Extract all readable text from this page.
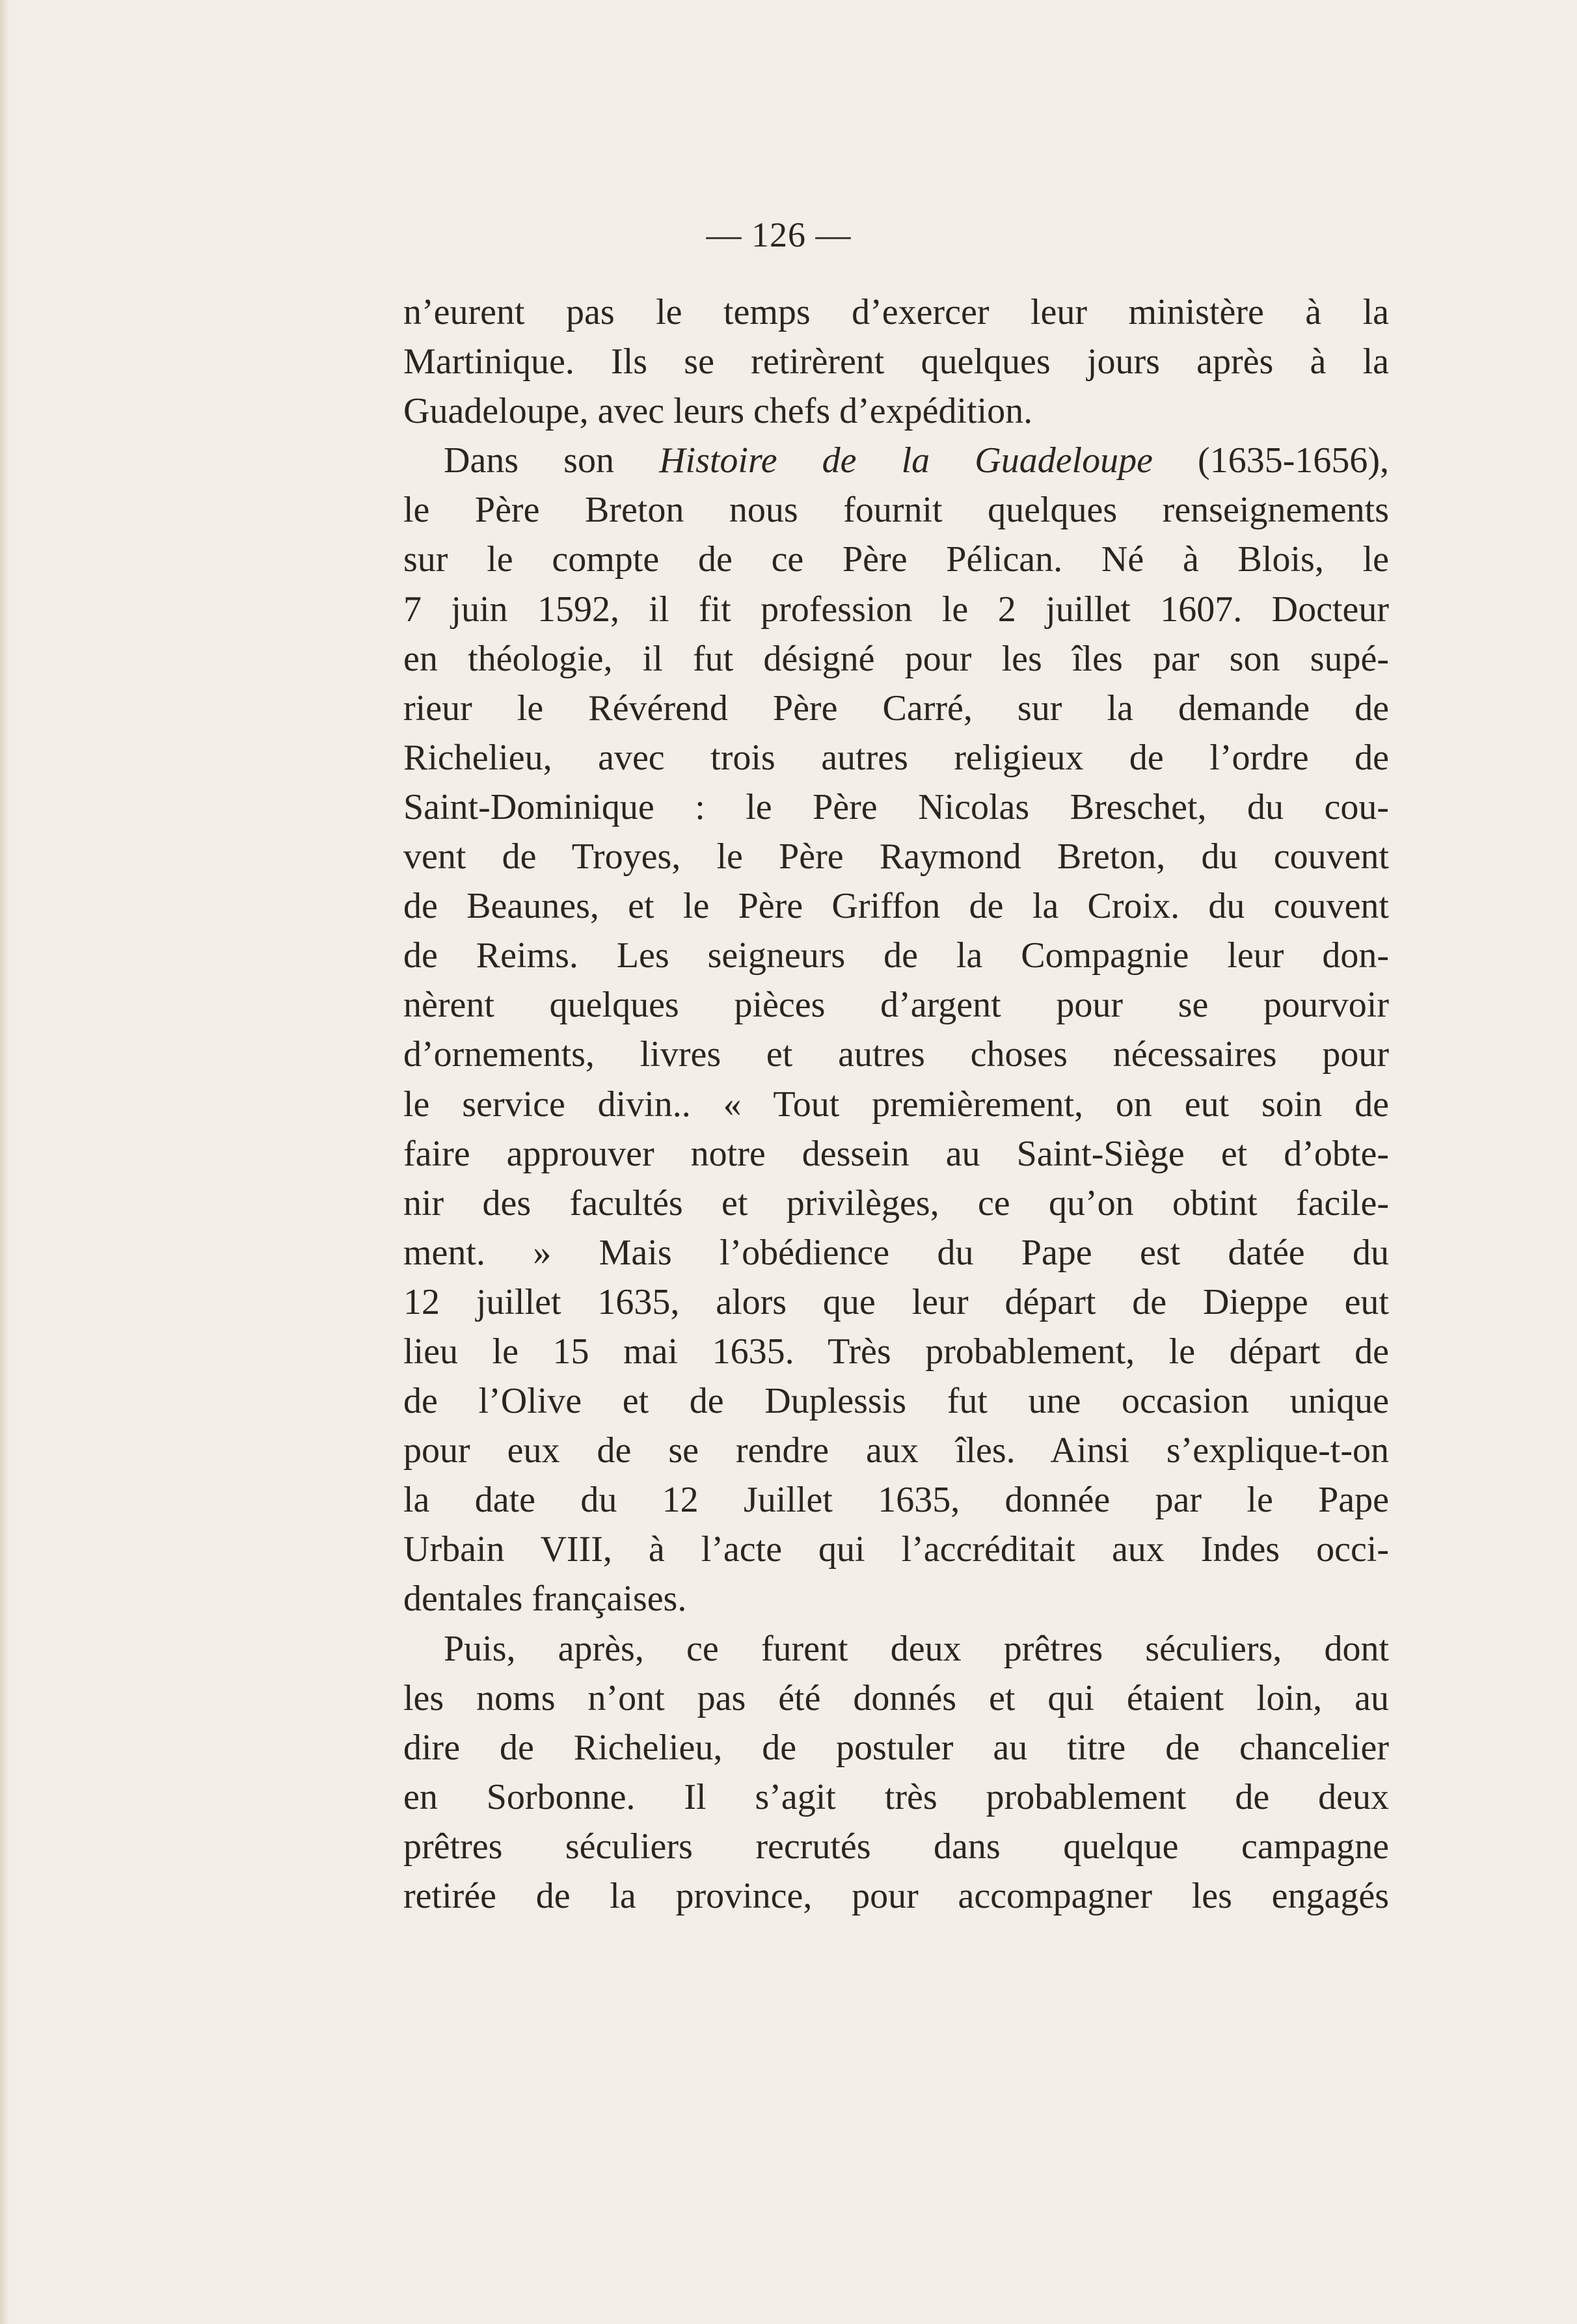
— 126 —
n’eurent pas le temps d’exercer leur ministère à la
Martinique. Ils se retirèrent quelques jours après à la
Guadeloupe, avec leurs chefs d’expédition.
Dans son Histoire de la Guadeloupe (1635-1656),
le Père Breton nous fournit quelques renseignements
sur le compte de ce Père Pélican. Né à Blois, le
7 juin 1592, il fit profession le 2 juillet 1607. Docteur
en théologie, il fut désigné pour les îles par son supé-
rieur le Révérend Père Carré, sur la demande de
Richelieu, avec trois autres religieux de l’ordre de
Saint-Dominique : le Père Nicolas Breschet, du cou-
vent de Troyes, le Père Raymond Breton, du couvent
de Beaunes, et le Père Griffon de la Croix. du couvent
de Reims. Les seigneurs de la Compagnie leur don-
nèrent quelques pièces d’argent pour se pourvoir
d’ornements, livres et autres choses nécessaires pour
le service divin.. « Tout premièrement, on eut soin de
faire approuver notre dessein au Saint-Siège et d’obte-
nir des facultés et privilèges, ce qu’on obtint facile-
ment. » Mais l’obédience du Pape est datée du
12 juillet 1635, alors que leur départ de Dieppe eut
lieu le 15 mai 1635. Très probablement, le départ de
de l’Olive et de Duplessis fut une occasion unique
pour eux de se rendre aux îles. Ainsi s’explique-t-on
la date du 12 Juillet 1635, donnée par le Pape
Urbain VIII, à l’acte qui l’accréditait aux Indes occi-
dentales françaises.
Puis, après, ce furent deux prêtres séculiers, dont
les noms n’ont pas été donnés et qui étaient loin, au
dire de Richelieu, de postuler au titre de chancelier
en Sorbonne. Il s’agit très probablement de deux
prêtres séculiers recrutés dans quelque campagne
retirée de la province, pour accompagner les engagés
